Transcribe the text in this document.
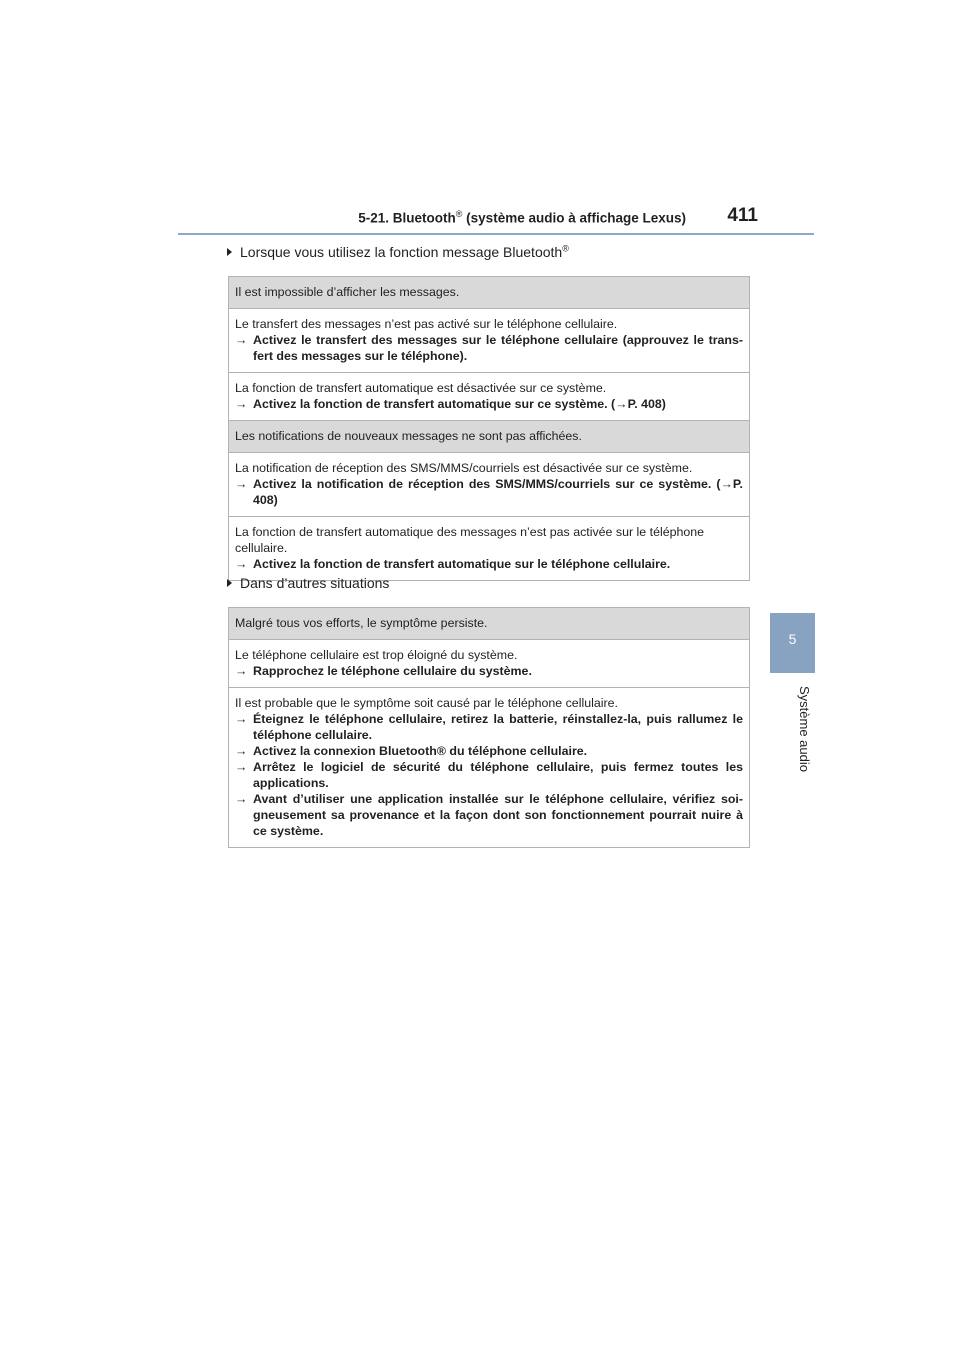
5-21. Bluetooth® (système audio à affichage Lexus) 411
5
Système audio
Lorsque vous utilisez la fonction message Bluetooth®
Il est impossible d’afficher les messages.

Le transfert des messages n’est pas activé sur le téléphone cellulaire.
→ Activez le transfert des messages sur le téléphone cellulaire (approuvez le trans-fert des messages sur le téléphone).

La fonction de transfert automatique est désactivée sur ce système.
→ Activez la fonction de transfert automatique sur ce système. (→P. 408)

Les notifications de nouveaux messages ne sont pas affichées.

La notification de réception des SMS/MMS/courriels est désactivée sur ce système.
→ Activez la notification de réception des SMS/MMS/courriels sur ce système. (→P. 408)

La fonction de transfert automatique des messages n’est pas activée sur le téléphone cellulaire.
→ Activez la fonction de transfert automatique sur le téléphone cellulaire.
Dans d’autres situations
Malgré tous vos efforts, le symptôme persiste.

Le téléphone cellulaire est trop éloigné du système.
→ Rapprochez le téléphone cellulaire du système.

Il est probable que le symptôme soit causé par le téléphone cellulaire.
→ Éteignez le téléphone cellulaire, retirez la batterie, réinstallez-la, puis rallumez le téléphone cellulaire.
→ Activez la connexion Bluetooth® du téléphone cellulaire.
→ Arrêtez le logiciel de sécurité du téléphone cellulaire, puis fermez toutes les applications.
→ Avant d’utiliser une application installée sur le téléphone cellulaire, vérifiez soi-gneusement sa provenance et la façon dont son fonctionnement pourrait nuire à ce système.
